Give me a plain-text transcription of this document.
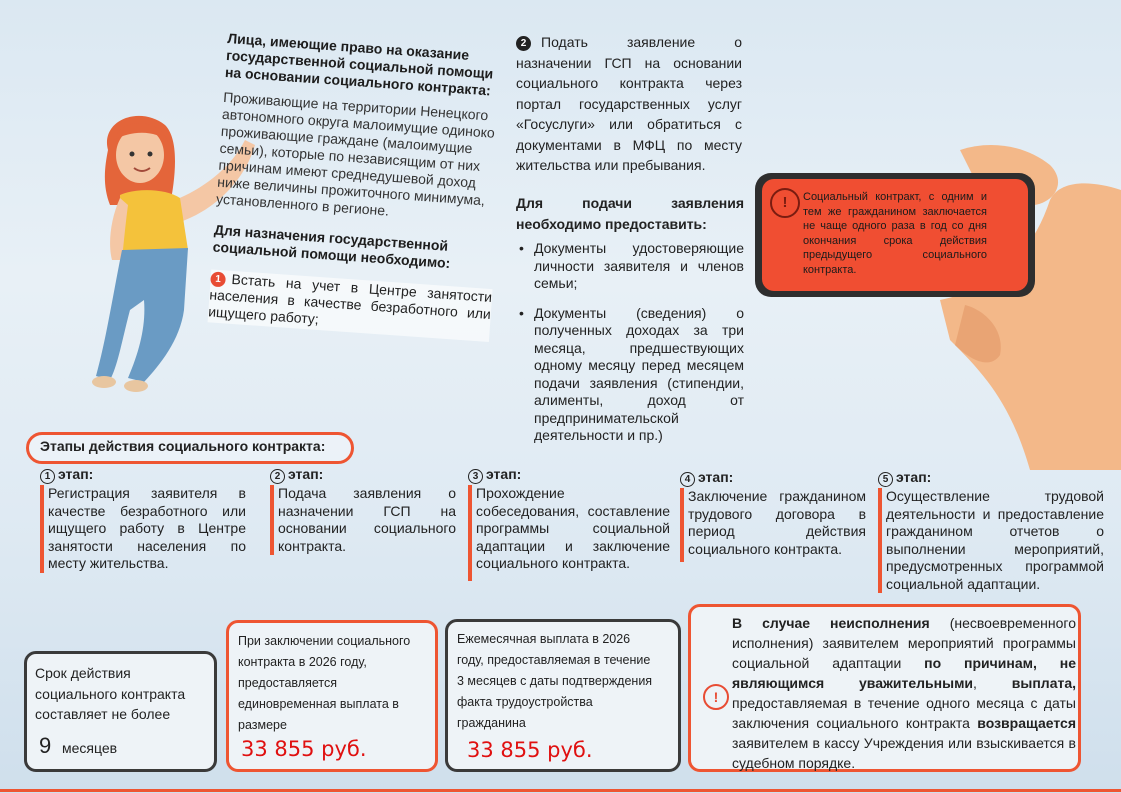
Лица, имеющие право на оказание государственной социальной помощи на основании социального контракта:

Проживающие на территории Ненецкого автономного округа малоимущие одиноко проживающие граждане (малоимущие семьи), которые по независящим от них причинам имеют среднедушевой доход ниже величины прожиточного минимума, установленного в регионе.

Для назначения государственной социальной помощи необходимо:
1 Встать на учет в Центре занятости населения в качестве безработного или ищущего работу;
2 Подать заявление о назначении ГСП на основании социального контракта через портал государственных услуг «Госуслуги» или обратиться с документами в МФЦ по месту жительства или пребывания.
Для подачи заявления необходимо предоставить:
• Документы удостоверяющие личности заявителя и членов семьи;
• Документы (сведения) о полученных доходах за три месяца, предшествующих одному месяцу перед месяцем подачи заявления (стипендии, алименты, доход от предпринимательской деятельности и пр.)
!	Социальный контракт, с одним и тем же гражданином заключается не чаще одного раза в год со дня окончания срока действия предыдущего социального контракта.
Этапы действия социального контракта:
1 этап:
Регистрация заявителя в качестве безработного или ищущего работу в Центре занятости населения по месту жительства.
2 этап:
Подача заявления о назначении ГСП на основании социального контракта.
3 этап:
Прохождение собеседования, составление программы социальной адаптации и заключение социального контракта.
4 этап:
Заключение гражданином трудового договора в период действия социального контракта.
5 этап:
Осуществление трудовой деятельности и предоставление гражданином отчетов о выполнении мероприятий, предусмотренных программой социальной адаптации.
Срок действия социального контракта составляет не более
9 месяцев
При заключении социального контракта в 2026 году, предоставляется единовременная выплата в размере
33 855 руб.
Ежемесячная выплата в 2026 году, предоставляемая в течение 3 месяцев с даты подтверждения факта трудоустройства гражданина
33 855 руб.
!
В случае неисполнения (несвоевременного исполнения) заявителем мероприятий программы социальной адаптации по причинам, не являющимся уважительными, выплата, предоставляемая в течение одного месяца с даты заключения социального контракта возвращается заявителем в кассу Учреждения или взыскивается в судебном порядке.
